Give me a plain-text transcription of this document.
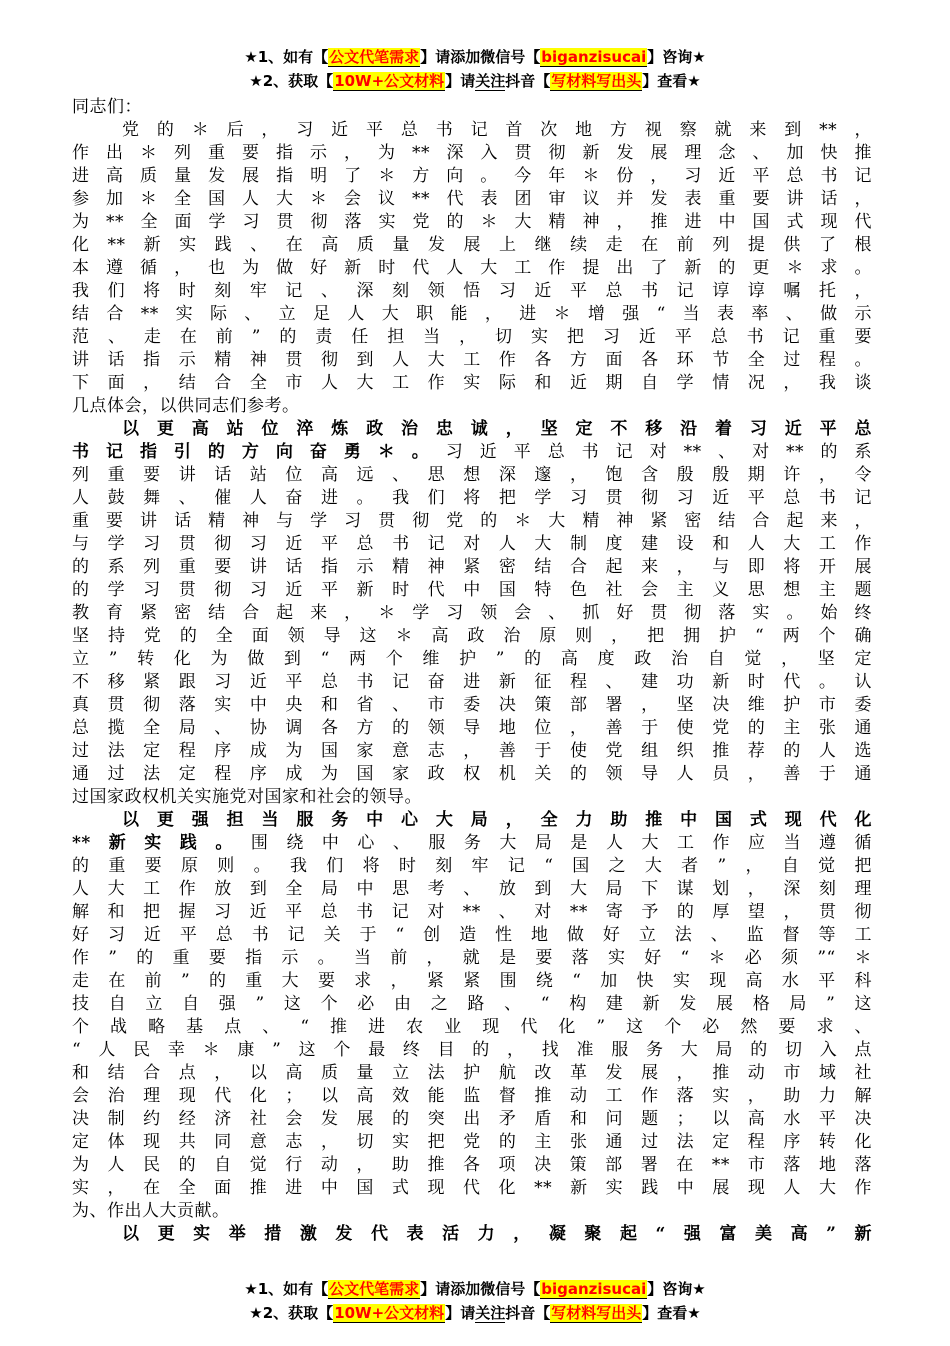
★1、如有【公文代笔需求】请添加微信号【biganzisucai】咨询★
★2、获取【10W+公文材料】请关注抖音【写材料写出头】查看★
同志们：
党的＊后，习近平总书记首次地方视察就来到**，
作出＊列重要指示，为**深入贯彻新发展理念、加快推
进高质量发展指明了＊方向。今年＊份，习近平总书记
参加＊全国人大＊会议**代表团审议并发表重要讲话，
为**全面学习贯彻落实党的＊大精神，推进中国式现代
化**新实践、在高质量发展上继续走在前列提供了根
本遵循，也为做好新时代人大工作提出了新的更＊求。
我们将时刻牢记、深刻领悟习近平总书记谆谆嘱托，
结合**实际、立足人大职能，进＊增强“当表率、做示
范、走在前”的责任担当，切实把习近平总书记重要
讲话指示精神贯彻到人大工作各方面各环节全过程。
下面，结合全市人大工作实际和近期自学情况，我谈
几点体会，以供同志们参考。
以更高站位淬炼政治忠诚，坚定不移沿着习近平总
书记指引的方向奋勇＊。习近平总书记对**、对**的系
列重要讲话站位高远、思想深邃，饱含殷殷期许，令
人鼓舞、催人奋进。我们将把学习贯彻习近平总书记
重要讲话精神与学习贯彻党的＊大精神紧密结合起来，
与学习贯彻习近平总书记对人大制度建设和人大工作
的系列重要讲话指示精神紧密结合起来，与即将开展
的学习贯彻习近平新时代中国特色社会主义思想主题
教育紧密结合起来，＊学习领会、抓好贯彻落实。始终
坚持党的全面领导这＊高政治原则，把拥护“两个确
立”转化为做到“两个维护”的高度政治自觉，坚定
不移紧跟习近平总书记奋进新征程、建功新时代。认
真贯彻落实中央和省、市委决策部署，坚决维护市委
总揽全局、协调各方的领导地位，善于使党的主张通
过法定程序成为国家意志，善于使党组织推荐的人选
通过法定程序成为国家政权机关的领导人员，善于通
过国家政权机关实施党对国家和社会的领导。
以更强担当服务中心大局，全力助推中国式现代化
**新实践。围绕中心、服务大局是人大工作应当遵循
的重要原则。我们将时刻牢记“国之大者”，自觉把
人大工作放到全局中思考、放到大局下谋划，深刻理
解和把握习近平总书记对**、对**寄予的厚望，贯彻
好习近平总书记关于“创造性地做好立法、监督等工
作”的重要指示。当前，就是要落实好“＊必须”“＊
走在前”的重大要求，紧紧围绕“加快实现高水平科
技自立自强”这个必由之路、“构建新发展格局”这
个战略基点、“推进农业现代化”这个必然要求、
“人民幸＊康”这个最终目的，找准服务大局的切入点
和结合点，以高质量立法护航改革发展，推动市域社
会治理现代化；以高效能监督推动工作落实，助力解
决制约经济社会发展的突出矛盾和问题；以高水平决
定体现共同意志，切实把党的主张通过法定程序转化
为人民的自觉行动，助推各项决策部署在**市落地落
实，在全面推进中国式现代化**新实践中展现人大作
为、作出人大贡献。
以更实举措激发代表活力，凝聚起“强富美高”新
★1、如有【公文代笔需求】请添加微信号【biganzisucai】咨询★
★2、获取【10W+公文材料】请关注抖音【写材料写出头】查看★
